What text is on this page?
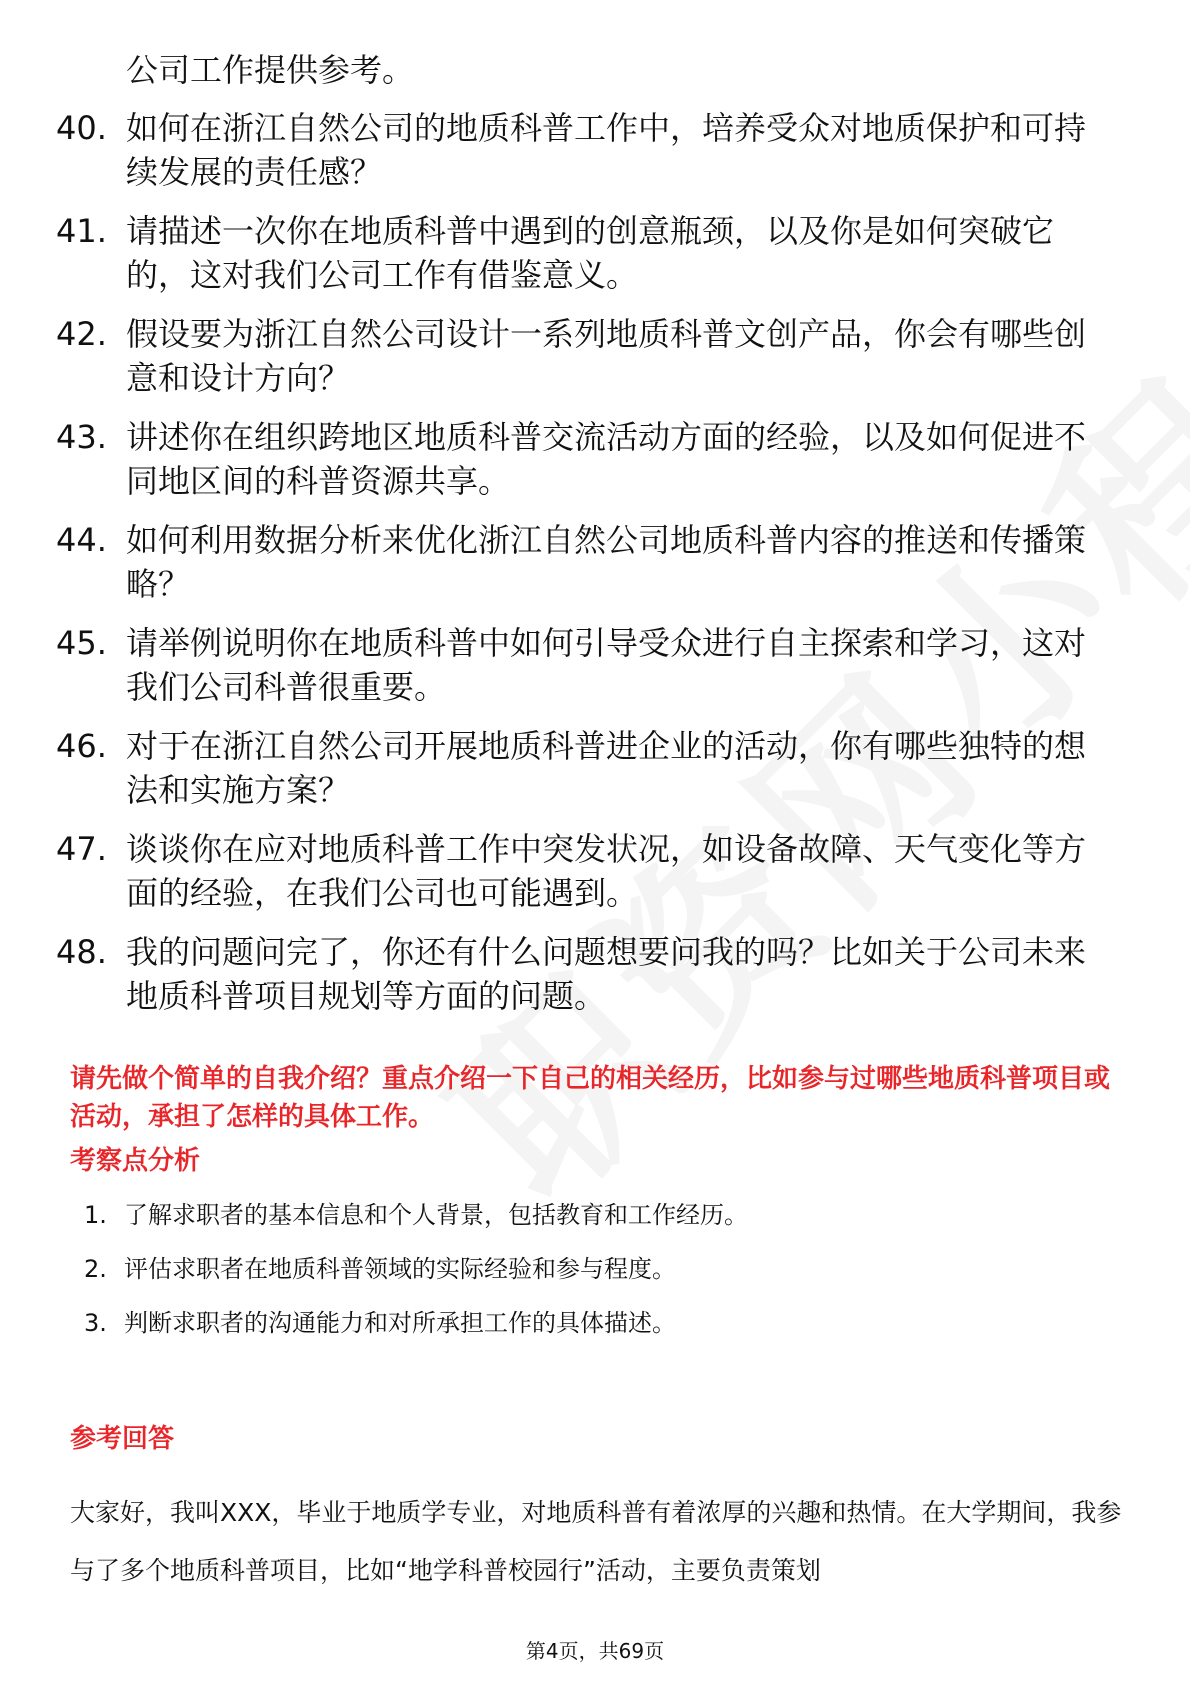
公司工作提供参考。
40. 如何在浙江自然公司的地质科普工作中，培养受众对地质保护和可持续发展的责任感？
41. 请描述一次你在地质科普中遇到的创意瓶颈，以及你是如何突破它的，这对我们公司工作有借鉴意义。
42. 假设要为浙江自然公司设计一系列地质科普文创产品，你会有哪些创意和设计方向？
43. 讲述你在组织跨地区地质科普交流活动方面的经验，以及如何促进不同地区间的科普资源共享。
44. 如何利用数据分析来优化浙江自然公司地质科普内容的推送和传播策略？
45. 请举例说明你在地质科普中如何引导受众进行自主探索和学习，这对我们公司科普很重要。
46. 对于在浙江自然公司开展地质科普进企业的活动，你有哪些独特的想法和实施方案？
47. 谈谈你在应对地质科普工作中突发状况，如设备故障、天气变化等方面的经验，在我们公司也可能遇到。
48. 我的问题问完了，你还有什么问题想要问我的吗？比如关于公司未来地质科普项目规划等方面的问题。
请先做个简单的自我介绍？重点介绍一下自己的相关经历，比如参与过哪些地质科普项目或活动，承担了怎样的具体工作。
考察点分析
1. 了解求职者的基本信息和个人背景，包括教育和工作经历。
2. 评估求职者在地质科普领域的实际经验和参与程度。
3. 判断求职者的沟通能力和对所承担工作的具体描述。
参考回答
大家好，我叫XXX，毕业于地质学专业，对地质科普有着浓厚的兴趣和热情。在大学期间，我参与了多个地质科普项目，比如“地学科普校园行”活动，主要负责策划
第4页，共69页
